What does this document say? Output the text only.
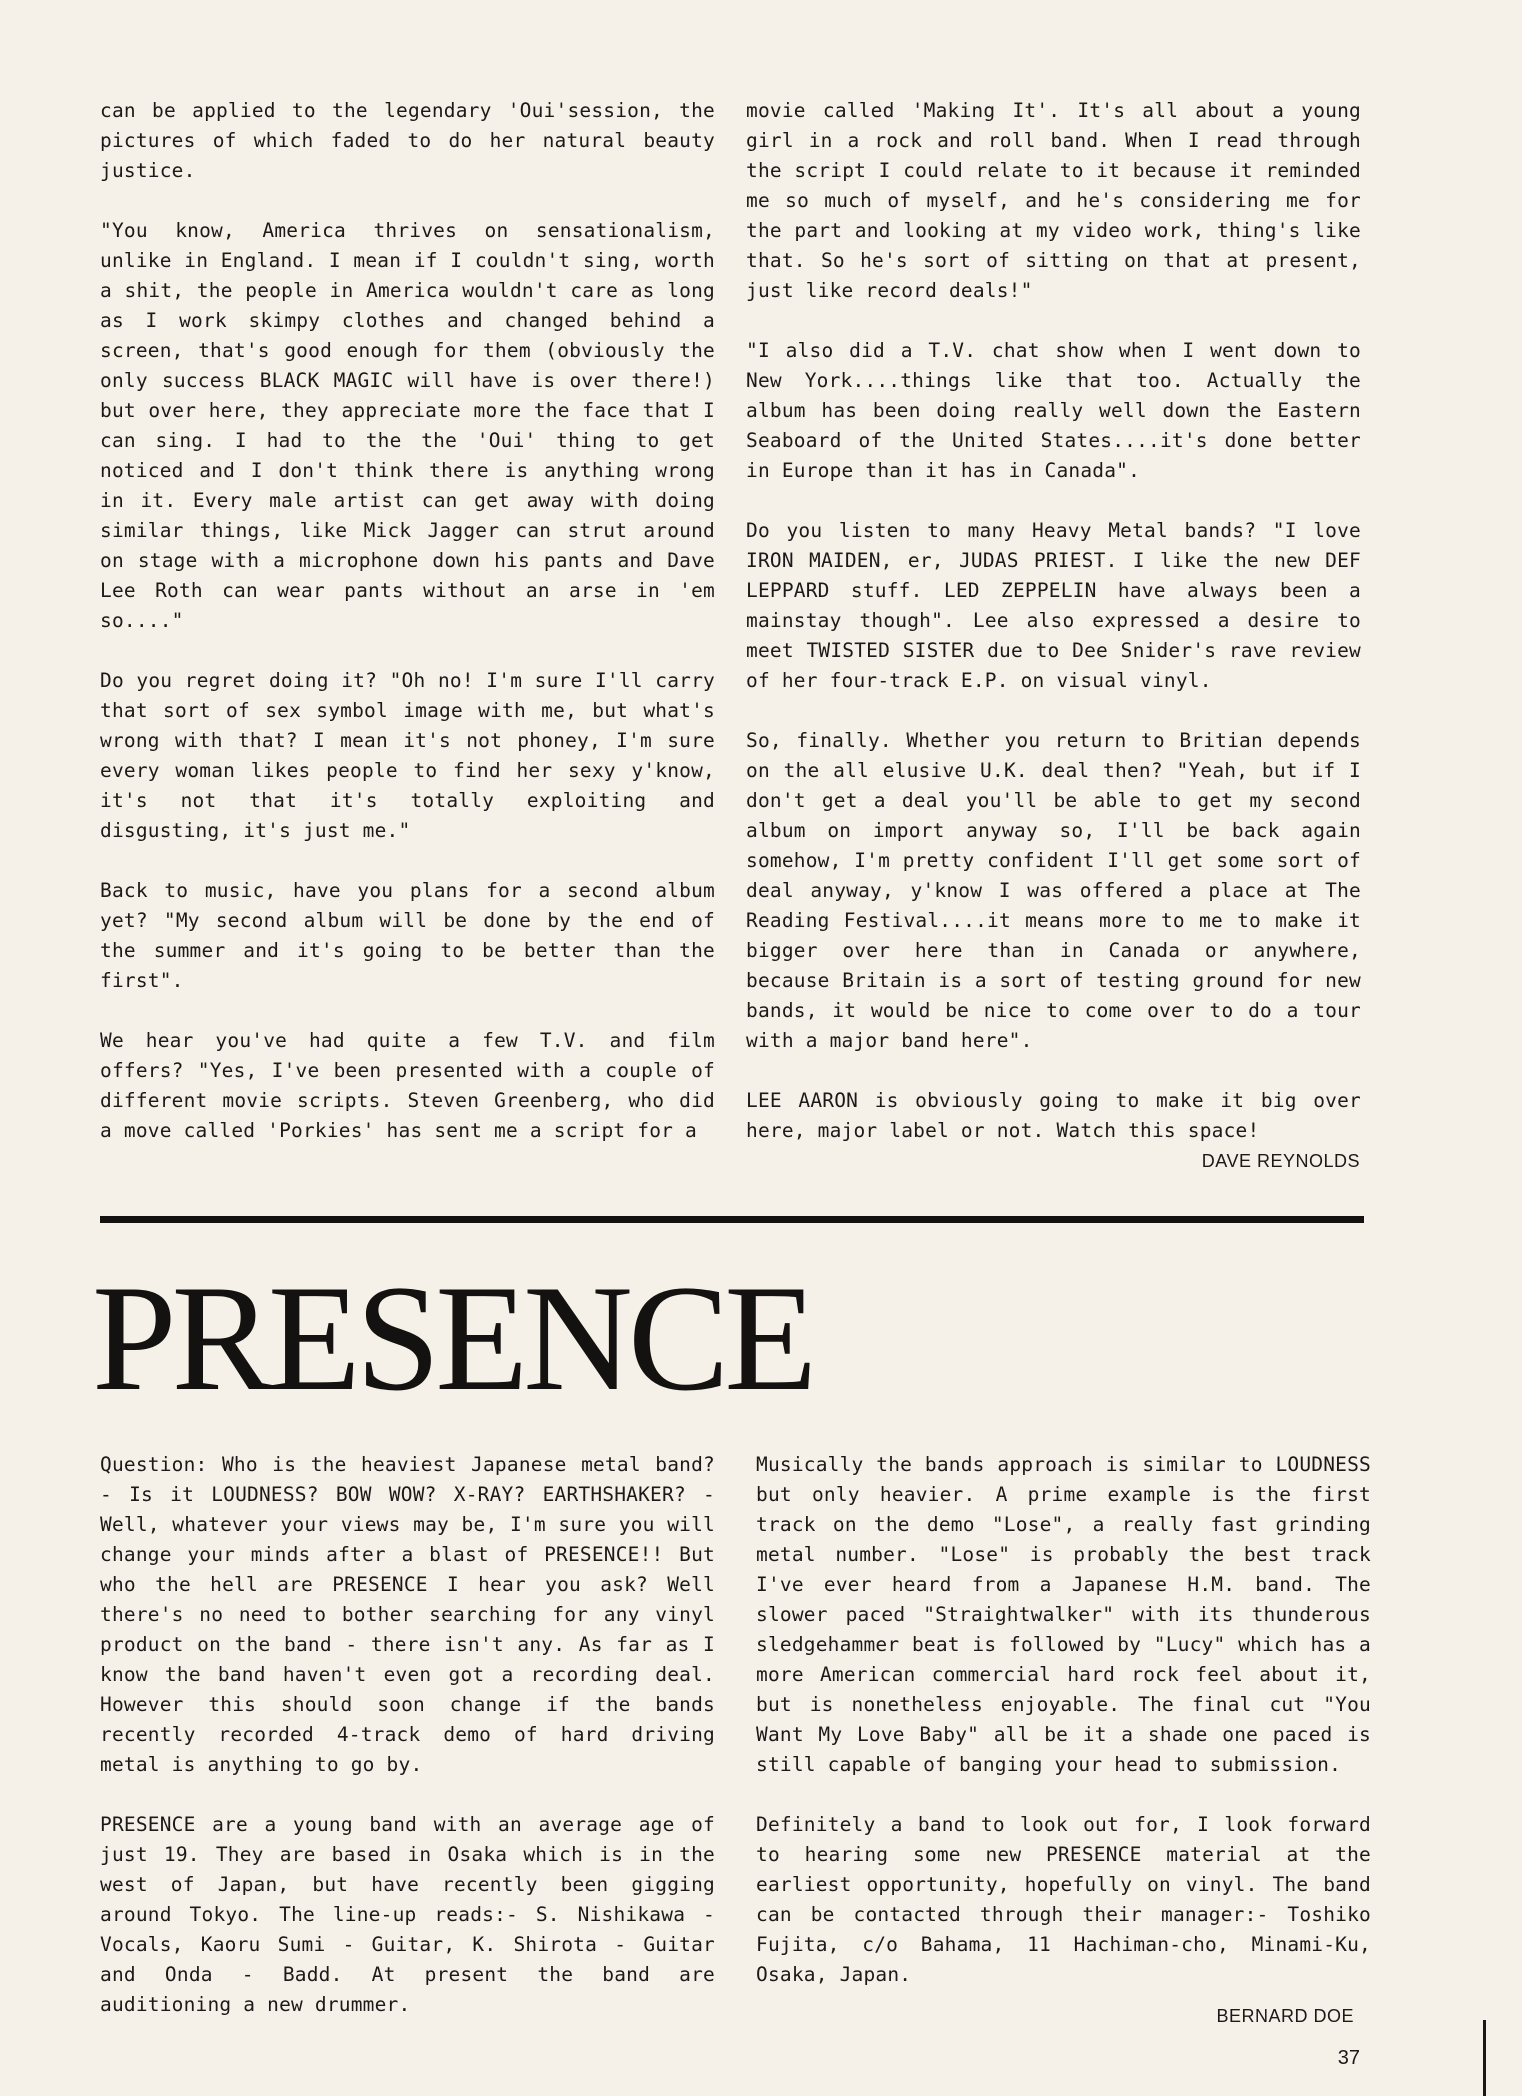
can be applied to the legendary 'Oui'session, the pictures of which faded to do her natural beauty justice.

"You know, America thrives on sensationalism, unlike in England. I mean if I couldn't sing, worth a shit, the people in America wouldn't care as long as I work skimpy clothes and changed behind a screen, that's good enough for them (obviously the only success BLACK MAGIC will have is over there!) but over here, they appreciate more the face that I can sing. I had to the the 'Oui' thing to get noticed and I don't think there is anything wrong in it. Every male artist can get away with doing similar things, like Mick Jagger can strut around on stage with a microphone down his pants and Dave Lee Roth can wear pants without an arse in 'em so...."

Do you regret doing it? "Oh no! I'm sure I'll carry that sort of sex symbol image with me, but what's wrong with that? I mean it's not phoney, I'm sure every woman likes people to find her sexy y'know, it's not that it's totally exploiting and disgusting, it's just me."

Back to music, have you plans for a second album yet? "My second album will be done by the end of the summer and it's going to be better than the first".

We hear you've had quite a few T.V. and film offers? "Yes, I've been presented with a couple of different movie scripts. Steven Greenberg, who did a move called 'Porkies' has sent me a script for a

movie called 'Making It'. It's all about a young girl in a rock and roll band. When I read through the script I could relate to it because it reminded me so much of myself, and he's considering me for the part and looking at my video work, thing's like that. So he's sort of sitting on that at present, just like record deals!"

"I also did a T.V. chat show when I went down to New York....things like that too. Actually the album has been doing really well down the Eastern Seaboard of the United States....it's done better in Europe than it has in Canada".

Do you listen to many Heavy Metal bands? "I love IRON MAIDEN, er, JUDAS PRIEST. I like the new DEF LEPPARD stuff. LED ZEPPELIN have always been a mainstay though". Lee also expressed a desire to meet TWISTED SISTER due to Dee Snider's rave review of her four-track E.P. on visual vinyl.

So, finally. Whether you return to Britian depends on the all elusive U.K. deal then? "Yeah, but if I don't get a deal you'll be able to get my second album on import anyway so, I'll be back again somehow, I'm pretty confident I'll get some sort of deal anyway, y'know I was offered a place at The Reading Festival....it means more to me to make it bigger over here than in Canada or anywhere, because Britain is a sort of testing ground for new bands, it would be nice to come over to do a tour with a major band here".

LEE AARON is obviously going to make it big over here, major label or not. Watch this space!

DAVE REYNOLDS
PRESENCE

Question: Who is the heaviest Japanese metal band? - Is it LOUDNESS? BOW WOW? X-RAY? EARTHSHAKER? - Well, whatever your views may be, I'm sure you will change your minds after a blast of PRESENCE!! But who the hell are PRESENCE I hear you ask? Well there's no need to bother searching for any vinyl product on the band - there isn't any. As far as I know the band haven't even got a recording deal. However this should soon change if the bands recently recorded 4-track demo of hard driving metal is anything to go by.

PRESENCE are a young band with an average age of just 19. They are based in Osaka which is in the west of Japan, but have recently been gigging around Tokyo. The line-up reads:- S. Nishikawa - Vocals, Kaoru Sumi - Guitar, K. Shirota - Guitar and Onda - Badd. At present the band are auditioning a new drummer.

Musically the bands approach is similar to LOUDNESS but only heavier. A prime example is the first track on the demo "Lose", a really fast grinding metal number. "Lose" is probably the best track I've ever heard from a Japanese H.M. band. The slower paced "Straightwalker" with its thunderous sledgehammer beat is followed by "Lucy" which has a more American commercial hard rock feel about it, but is nonetheless enjoyable. The final cut "You Want My Love Baby" all be it a shade one paced is still capable of banging your head to submission.

Definitely a band to look out for, I look forward to hearing some new PRESENCE material at the earliest opportunity, hopefully on vinyl. The band can be contacted through their manager:- Toshiko Fujita, c/o Bahama, 11 Hachiman-cho, Minami-Ku, Osaka, Japan.

BERNARD DOE
37
